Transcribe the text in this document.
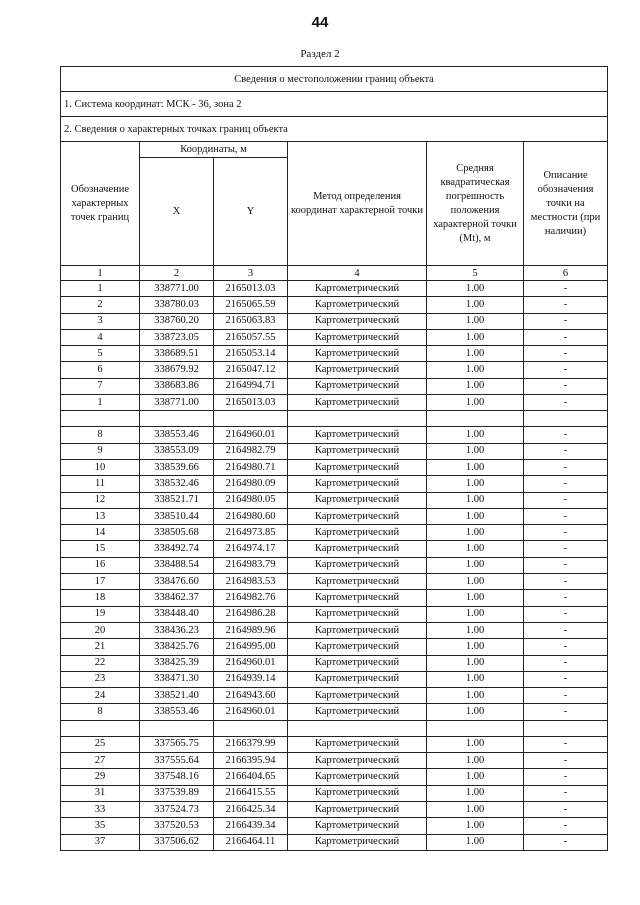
44
Раздел 2
Сведения о местоположении границ объекта					
1. Система координат: МСК - 36, зона 2					
2. Сведения о характерных точках границ объекта					
Обозначение характерных точек границ	Координаты, м		Метод определения координат характерной точки	Средняя квадратическая погрешность положения характерной точки (Mt), м	Описание обозначения точки на местности (при наличии)
	X	Y			
1	2	3	4	5	6
1	338771.00	2165013.03	Картометрический	1.00	-
2	338780.03	2165065.59	Картометрический	1.00	-
3	338760.20	2165063.83	Картометрический	1.00	-
4	338723.05	2165057.55	Картометрический	1.00	-
5	338689.51	2165053.14	Картометрический	1.00	-
6	338679.92	2165047.12	Картометрический	1.00	-
7	338683.86	2164994.71	Картометрический	1.00	-
1	338771.00	2165013.03	Картометрический	1.00	-

8	338553.46	2164960.01	Картометрический	1.00	-
9	338553.09	2164982.79	Картометрический	1.00	-
10	338539.66	2164980.71	Картометрический	1.00	-
11	338532.46	2164980.09	Картометрический	1.00	-
12	338521.71	2164980.05	Картометрический	1.00	-
13	338510.44	2164980.60	Картометрический	1.00	-
14	338505.68	2164973.85	Картометрический	1.00	-
15	338492.74	2164974.17	Картометрический	1.00	-
16	338488.54	2164983.79	Картометрический	1.00	-
17	338476.60	2164983.53	Картометрический	1.00	-
18	338462.37	2164982.76	Картометрический	1.00	-
19	338448.40	2164986.28	Картометрический	1.00	-
20	338436.23	2164989.96	Картометрический	1.00	-
21	338425.76	2164995.00	Картометрический	1.00	-
22	338425.39	2164960.01	Картометрический	1.00	-
23	338471.30	2164939.14	Картометрический	1.00	-
24	338521.40	2164943.60	Картометрический	1.00	-
8	338553.46	2164960.01	Картометрический	1.00	-

25	337565.75	2166379.99	Картометрический	1.00	-
27	337555.64	2166395.94	Картометрический	1.00	-
29	337548.16	2166404.65	Картометрический	1.00	-
31	337539.89	2166415.55	Картометрический	1.00	-
33	337524.73	2166425.34	Картометрический	1.00	-
35	337520.53	2166439.34	Картометрический	1.00	-
37	337506.62	2166464.11	Картометрический	1.00	-
